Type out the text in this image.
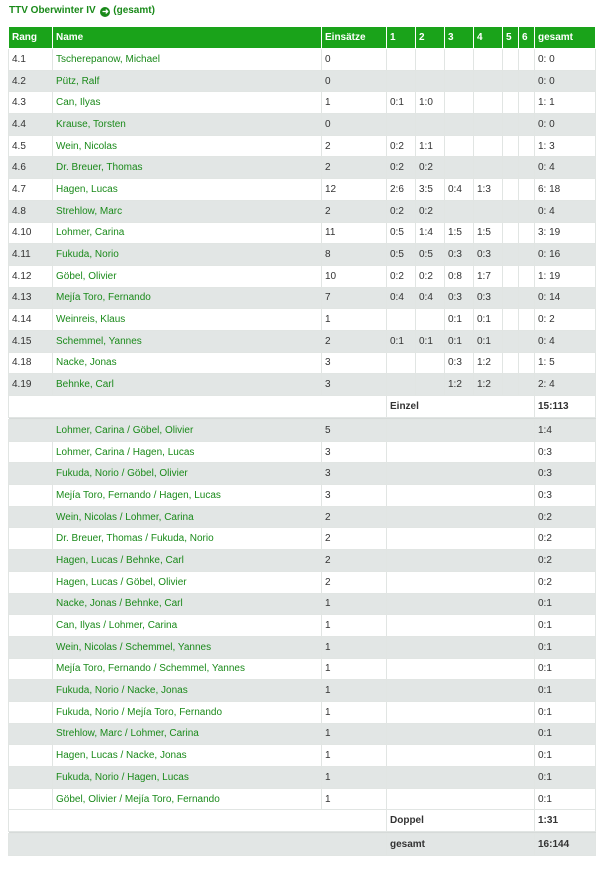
TTV Oberwinter IV ➜ (gesamt)
Rang	Name	Einsätze	1	2	3	4	5	6	gesamt
4.1	Tscherepanow, Michael	0							0: 0
4.2	Pütz, Ralf	0							0: 0
4.3	Can, Ilyas	1	0:1	1:0					1: 1
4.4	Krause, Torsten	0							0: 0
4.5	Wein, Nicolas	2	0:2	1:1					1: 3
4.6	Dr. Breuer, Thomas	2	0:2	0:2					0: 4
4.7	Hagen, Lucas	12	2:6	3:5	0:4	1:3			6: 18
4.8	Strehlow, Marc	2	0:2	0:2					0: 4
4.10	Lohmer, Carina	11	0:5	1:4	1:5	1:5			3: 19
4.11	Fukuda, Norio	8	0:5	0:5	0:3	0:3			0: 16
4.12	Göbel, Olivier	10	0:2	0:2	0:8	1:7			1: 19
4.13	Mejía Toro, Fernando	7	0:4	0:4	0:3	0:3			0: 14
4.14	Weinreis, Klaus	1			0:1	0:1			0: 2
4.15	Schemmel, Yannes	2	0:1	0:1	0:1	0:1			0: 4
4.18	Nacke, Jonas	3			0:3	1:2			1: 5
4.19	Behnke, Carl	3			1:2	1:2			2: 4
			Einzel						15:113

	Lohmer, Carina / Göbel, Olivier	5							1:4
	Lohmer, Carina / Hagen, Lucas	3							0:3
	Fukuda, Norio / Göbel, Olivier	3							0:3
	Mejía Toro, Fernando / Hagen, Lucas	3							0:3
	Wein, Nicolas / Lohmer, Carina	2							0:2
	Dr. Breuer, Thomas / Fukuda, Norio	2							0:2
	Hagen, Lucas / Behnke, Carl	2							0:2
	Hagen, Lucas / Göbel, Olivier	2							0:2
	Nacke, Jonas / Behnke, Carl	1							0:1
	Can, Ilyas / Lohmer, Carina	1							0:1
	Wein, Nicolas / Schemmel, Yannes	1							0:1
	Mejía Toro, Fernando / Schemmel, Yannes	1							0:1
	Fukuda, Norio / Nacke, Jonas	1							0:1
	Fukuda, Norio / Mejía Toro, Fernando	1							0:1
	Strehlow, Marc / Lohmer, Carina	1							0:1
	Hagen, Lucas / Nacke, Jonas	1							0:1
	Fukuda, Norio / Hagen, Lucas	1							0:1
	Göbel, Olivier / Mejía Toro, Fernando	1							0:1
			Doppel						1:31

			gesamt						16:144
